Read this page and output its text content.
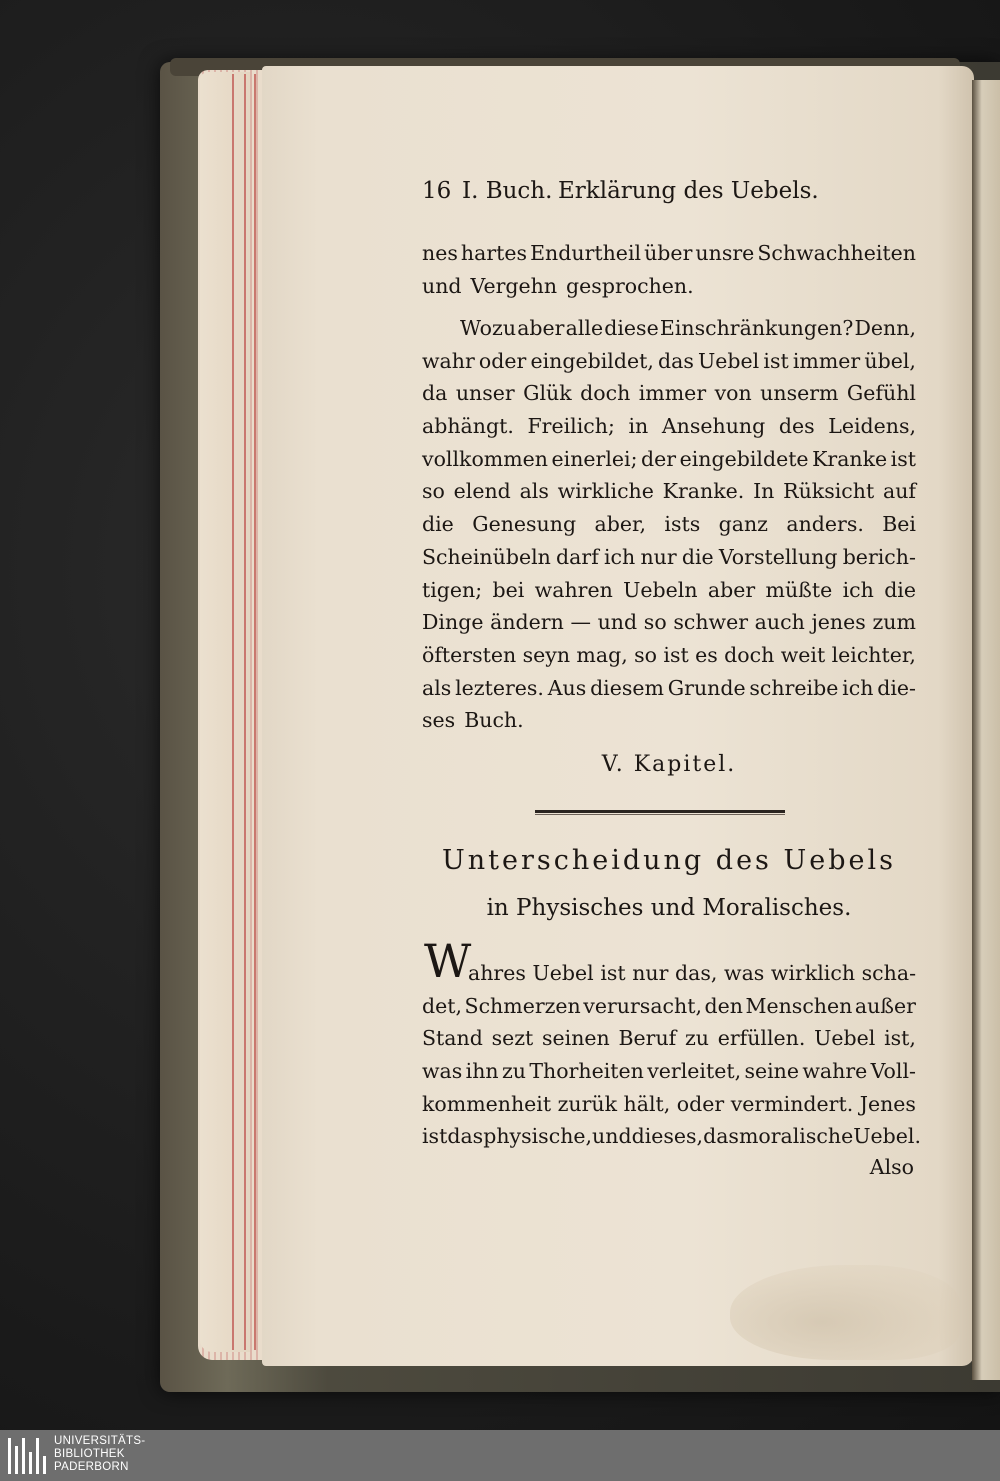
16 I. Buch. Erklärung des Uebels.
nes hartes Endurtheil über unsre Schwachheiten
und Vergehn gesprochen.
Wozu aber alle diese Einschränkungen? Denn,
wahr oder eingebildet, das Uebel ist immer übel,
da unser Glük doch immer von unserm Gefühl
abhängt. Freilich; in Ansehung des Leidens,
vollkommen einerlei; der eingebildete Kranke ist
so elend als wirkliche Kranke. In Rüksicht auf
die Genesung aber, ists ganz anders. Bei
Scheinübeln darf ich nur die Vorstellung berich-
tigen; bei wahren Uebeln aber müßte ich die
Dinge ändern — und so schwer auch jenes zum
öftersten seyn mag, so ist es doch weit leichter,
als lezteres. Aus diesem Grunde schreibe ich die-
ses Buch.
V. Kapitel.
Unterscheidung des Uebels
in Physisches und Moralisches.
W
ahres Uebel ist nur das, was wirklich scha-
det, Schmerzen verursacht, den Menschen außer
Stand sezt seinen Beruf zu erfüllen. Uebel ist,
was ihn zu Thorheiten verleitet, seine wahre Voll-
kommenheit zurük hält, oder vermindert. Jenes
ist das physische, und dieses, das moralische Uebel.
Also
UNIVERSITÄTS-
BIBLIOTHEK
PADERBORN
